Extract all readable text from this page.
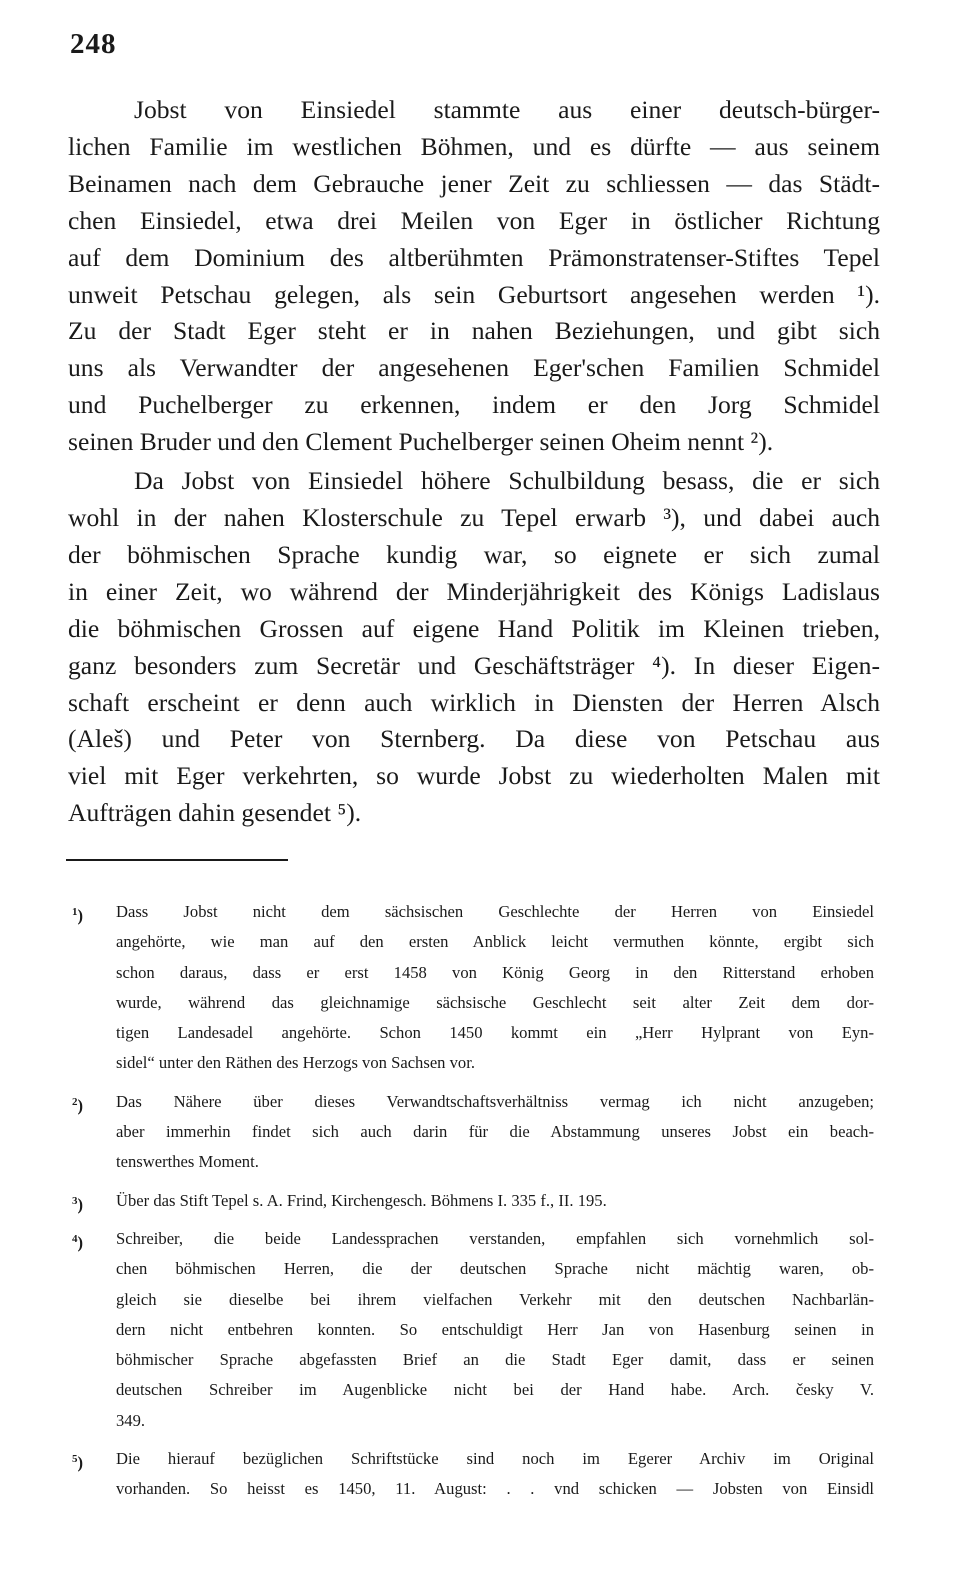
248
Jobst von Einsiedel stammte aus einer deutsch-bürger-
lichen Familie im westlichen Böhmen, und es dürfte — aus seinem
Beinamen nach dem Gebrauche jener Zeit zu schliessen — das Städt-
chen Einsiedel, etwa drei Meilen von Eger in östlicher Richtung
auf dem Dominium des altberühmten Prämonstratenser-Stiftes Tepel
unweit Petschau gelegen, als sein Geburtsort angesehen werden ¹).
Zu der Stadt Eger steht er in nahen Beziehungen, und gibt sich
uns als Verwandter der angesehenen Eger'schen Familien Schmidel
und Puchelberger zu erkennen, indem er den Jorg Schmidel
seinen Bruder und den Clement Puchelberger seinen Oheim nennt ²).
Da Jobst von Einsiedel höhere Schulbildung besass, die er sich
wohl in der nahen Klosterschule zu Tepel erwarb ³), und dabei auch
der böhmischen Sprache kundig war, so eignete er sich zumal
in einer Zeit, wo während der Minderjährigkeit des Königs Ladislaus
die böhmischen Grossen auf eigene Hand Politik im Kleinen trieben,
ganz besonders zum Secretär und Geschäftsträger ⁴). In dieser Eigen-
schaft erscheint er denn auch wirklich in Diensten der Herren Alsch
(Aleš) und Peter von Sternberg. Da diese von Petschau aus
viel mit Eger verkehrten, so wurde Jobst zu wiederholten Malen mit
Aufträgen dahin gesendet ⁵).
$^1$)	Dass Jobst nicht dem sächsischen Geschlechte der Herren von Einsiedel
angehörte, wie man auf den ersten Anblick leicht vermuthen könnte, ergibt sich
schon daraus, dass er erst 1458 von König Georg in den Ritterstand erhoben
wurde, während das gleichnamige sächsische Geschlecht seit alter Zeit dem dor-
tigen Landesadel angehörte. Schon 1450 kommt ein „Herr Hylprant von Eyn-
sidel“ unter den Räthen des Herzogs von Sachsen vor.
$^2$)	Das Nähere über dieses Verwandtschaftsverhältniss vermag ich nicht anzugeben;
aber immerhin findet sich auch darin für die Abstammung unseres Jobst ein beach-
tenswerthes Moment.
$^3$)	Über das Stift Tepel s. A. Frind, Kirchengesch. Böhmens I. 335 f., II. 195.
$^4$)	Schreiber, die beide Landessprachen verstanden, empfahlen sich vornehmlich sol-
chen böhmischen Herren, die der deutschen Sprache nicht mächtig waren, ob-
gleich sie dieselbe bei ihrem vielfachen Verkehr mit den deutschen Nachbarlän-
dern nicht entbehren konnten. So entschuldigt Herr Jan von Hasenburg seinen in
böhmischer Sprache abgefassten Brief an die Stadt Eger damit, dass er seinen
deutschen Schreiber im Augenblicke nicht bei der Hand habe. Arch. česky V.
349.
$^5$)	Die hierauf bezüglichen Schriftstücke sind noch im Egerer Archiv im Original
vorhanden. So heisst es 1450, 11. August: . . vnd schicken — Jobsten von Einsidl
